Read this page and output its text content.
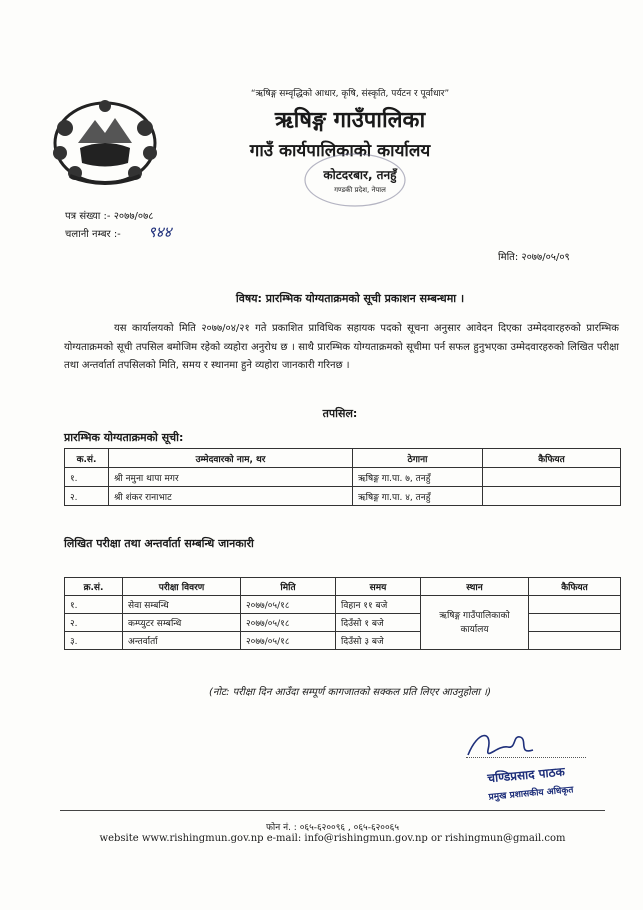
“ऋषिङ्ग सम्वृद्धिको आधार, कृषि, संस्कृति, पर्यटन र पूर्वाधार”
ऋषिङ्ग गाउँपालिका
गाउँ कार्यपालिकाको कार्यालय
कोटदरबार, तनहुँ
गण्डकी प्रदेश, नेपाल
पत्र संख्या :- २०७७/०७८
चलानी नम्बर :- ९४४
मिति: २०७७/०५/०९
विषय: प्रारम्भिक योग्यताक्रमको सूची प्रकाशन सम्बन्धमा ।
यस कार्यालयको मिति २०७७/०४/२१ गते प्रकाशित प्राविधिक सहायक पदको सूचना अनुसार आवेदन दिएका उम्मेदवारहरुको प्रारम्भिक योग्यताक्रमको सूची तपसिल बमोजिम रहेको व्यहोरा अनुरोध छ । साथै प्रारम्भिक योग्यताक्रमको सूचीमा पर्न सफल हुनुभएका उम्मेदवारहरुको लिखित परीक्षा तथा अन्तर्वार्ता तपसिलको मिति, समय र स्थानमा हुने व्यहोरा जानकारी गरिनछ ।
तपसिल:
प्रारम्भिक योग्यताक्रमको सूची:
क.सं.	उम्मेदवारको नाम, थर	ठेगाना	कैफियत
१.	श्री नमुना थापा मगर	ऋषिङ्ग गा.पा. ७, तनहुँ	
२.	श्री शंकर रानाभाट	ऋषिङ्ग गा.पा. ४, तनहुँ	
लिखित परीक्षा तथा अन्तर्वार्ता सम्बन्धि जानकारी
क्र.सं.	परीक्षा विवरण	मिति	समय	स्थान	कैफियत
१.	सेवा सम्बन्धि	२०७७/०५/१८	विहान ११ बजे	ऋषिङ्ग गाउँपालिकाको कार्यालय	
२.	कम्प्युटर सम्बन्धि	२०७७/०५/१८	दिउँसो १ बजे		
३.	अन्तर्वार्ता	२०७७/०५/१८	दिउँसो ३ बजे		
(नोट: परीक्षा दिन आउँदा सम्पूर्ण कागजातको सक्कल प्रति लिएर आउनुहोला ।)
चण्डिप्रसाद पाठक
प्रमुख प्रशासकीय अधिकृत
फोन नं. : ०६५-६२००९६ , ०६५-६२००६५
website www.rishingmun.gov.np e-mail: info@rishingmun.gov.np or rishingmun@gmail.com
